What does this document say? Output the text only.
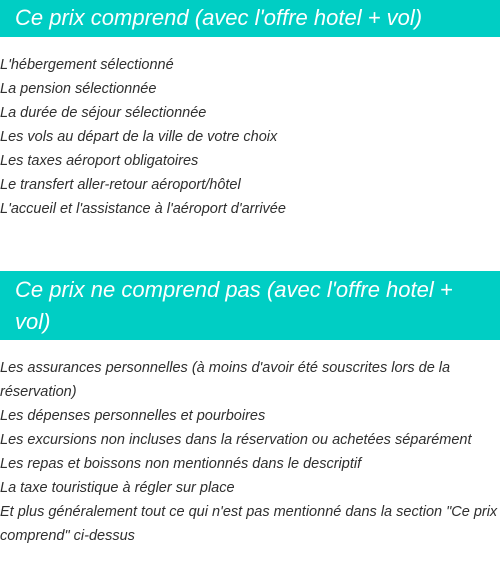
Ce prix comprend (avec l'offre hotel + vol)
L'hébergement sélectionné
La pension sélectionnée
La durée de séjour sélectionnée
Les vols au départ de la ville de votre choix
Les taxes aéroport obligatoires
Le transfert aller-retour aéroport/hôtel
L'accueil et l'assistance à l'aéroport d'arrivée
Ce prix ne comprend pas (avec l'offre hotel + vol)
Les assurances personnelles (à moins d'avoir été souscrites lors de la réservation)
Les dépenses personnelles et pourboires
Les excursions non incluses dans la réservation ou achetées séparément
Les repas et boissons non mentionnés dans le descriptif
La taxe touristique à régler sur place
Et plus généralement tout ce qui n'est pas mentionné dans la section "Ce prix comprend" ci-dessus
